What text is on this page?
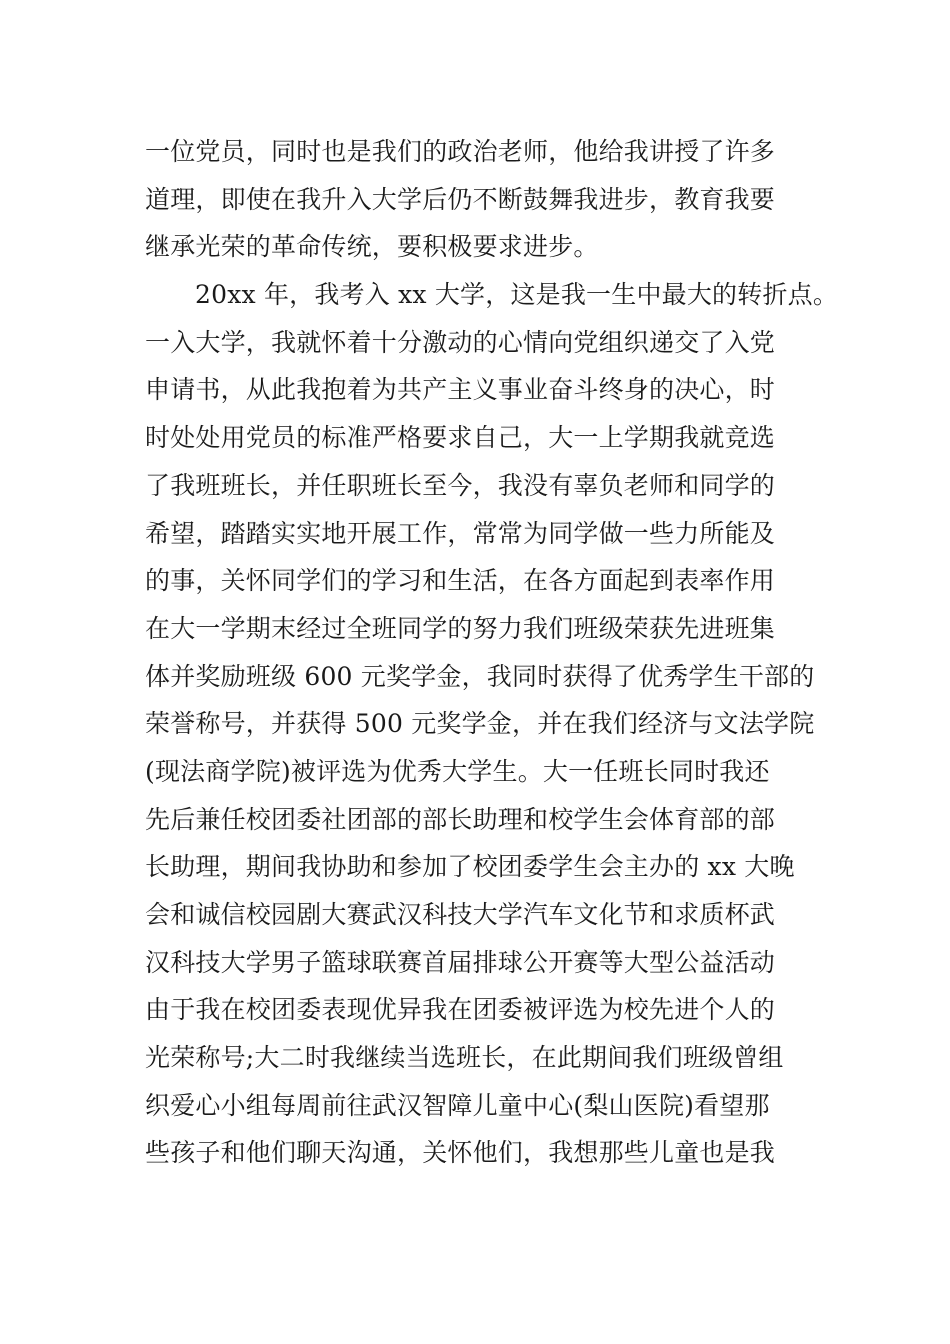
一位党员，同时也是我们的政治老师，他给我讲授了许多
道理，即使在我升入大学后仍不断鼓舞我进步，教育我要
继承光荣的革命传统，要积极要求进步。
20xx 年，我考入 xx 大学，这是我一生中最大的转折点。
一入大学，我就怀着十分激动的心情向党组织递交了入党
申请书，从此我抱着为共产主义事业奋斗终身的决心，时
时处处用党员的标准严格要求自己，大一上学期我就竞选
了我班班长，并任职班长至今，我没有辜负老师和同学的
希望，踏踏实实地开展工作，常常为同学做一些力所能及
的事，关怀同学们的学习和生活，在各方面起到表率作用
在大一学期末经过全班同学的努力我们班级荣获先进班集
体并奖励班级 600 元奖学金，我同时获得了优秀学生干部的
荣誉称号，并获得 500 元奖学金，并在我们经济与文法学院
(现法商学院)被评选为优秀大学生。大一任班长同时我还
先后兼任校团委社团部的部长助理和校学生会体育部的部
长助理，期间我协助和参加了校团委学生会主办的 xx 大晚
会和诚信校园剧大赛武汉科技大学汽车文化节和求质杯武
汉科技大学男子篮球联赛首届排球公开赛等大型公益活动
由于我在校团委表现优异我在团委被评选为校先进个人的
光荣称号;大二时我继续当选班长，在此期间我们班级曾组
织爱心小组每周前往武汉智障儿童中心(梨山医院)看望那
些孩子和他们聊天沟通，关怀他们，我想那些儿童也是我
